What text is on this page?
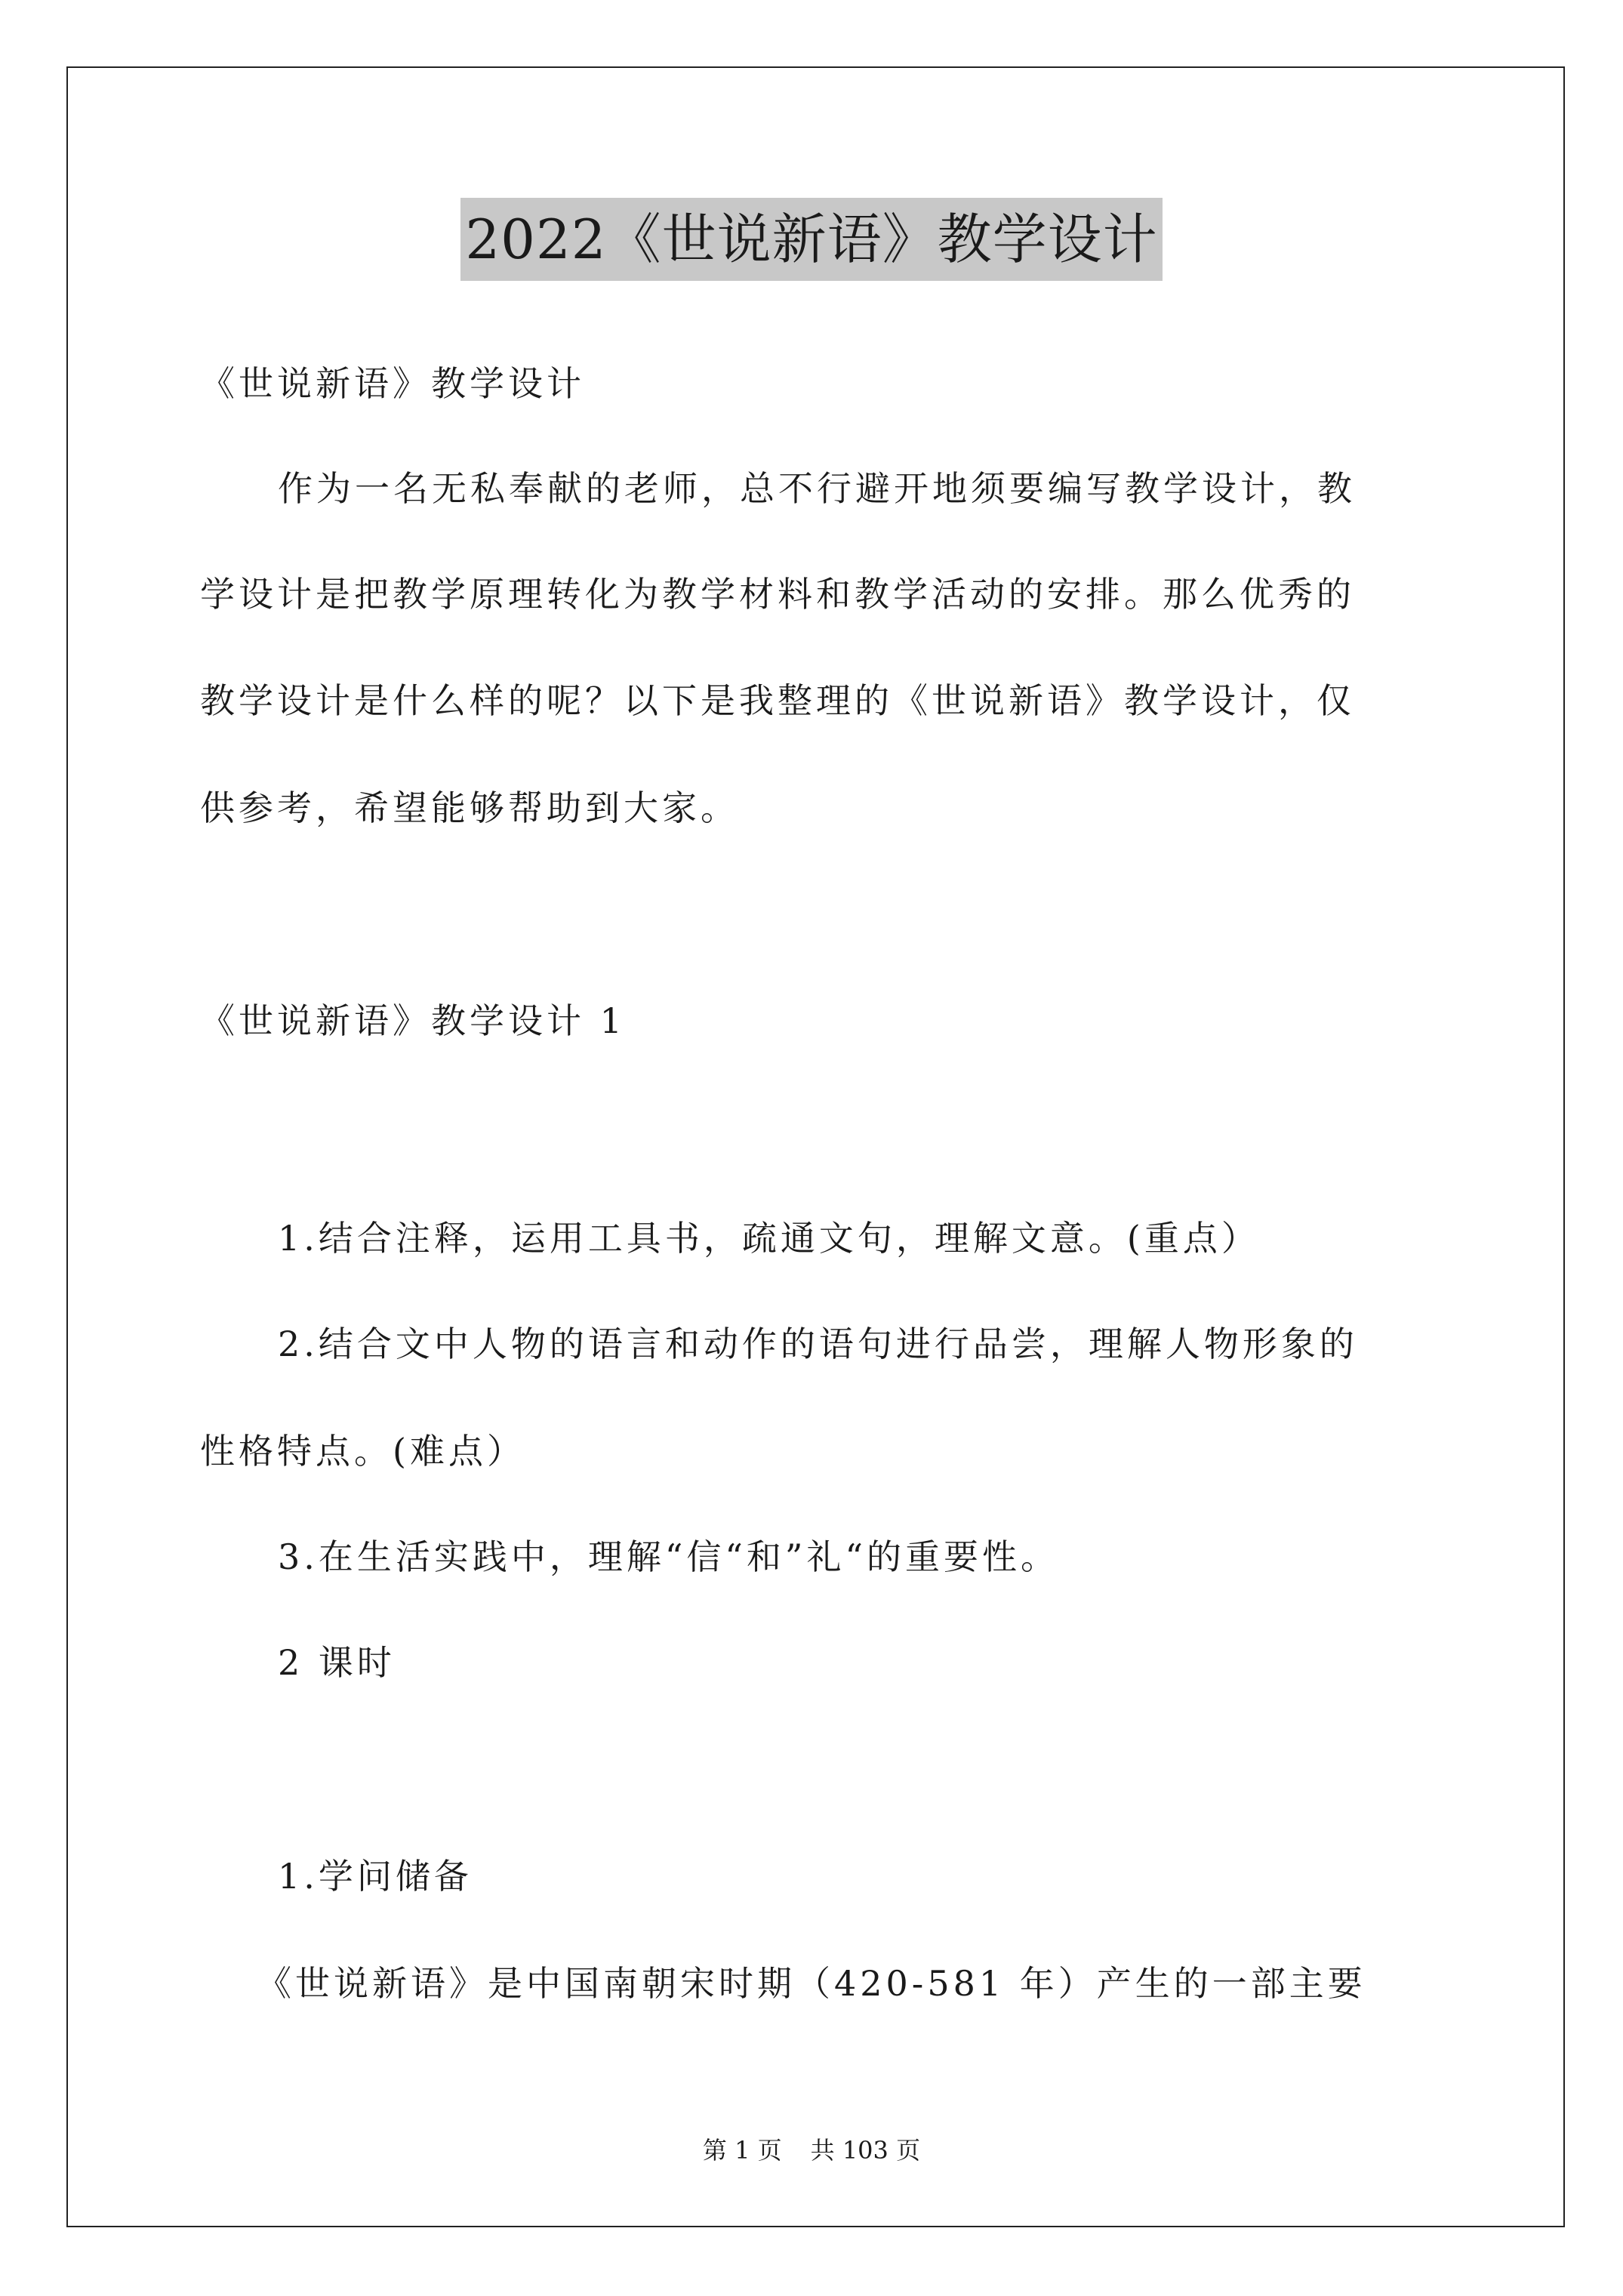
2022《世说新语》教学设计
《世说新语》教学设计
作为一名无私奉献的老师，总不行避开地须要编写教学设计，教
学设计是把教学原理转化为教学材料和教学活动的安排。那么优秀的
教学设计是什么样的呢？以下是我整理的《世说新语》教学设计，仅
供参考，希望能够帮助到大家。
《世说新语》教学设计 1
1.结合注释，运用工具书，疏通文句，理解文意。(重点）
2.结合文中人物的语言和动作的语句进行品尝，理解人物形象的
性格特点。(难点）
3.在生活实践中，理解“信“和”礼“的重要性。
2 课时
1.学问储备
《世说新语》是中国南朝宋时期（420-581 年）产生的一部主要
第 1 页 共 103 页
